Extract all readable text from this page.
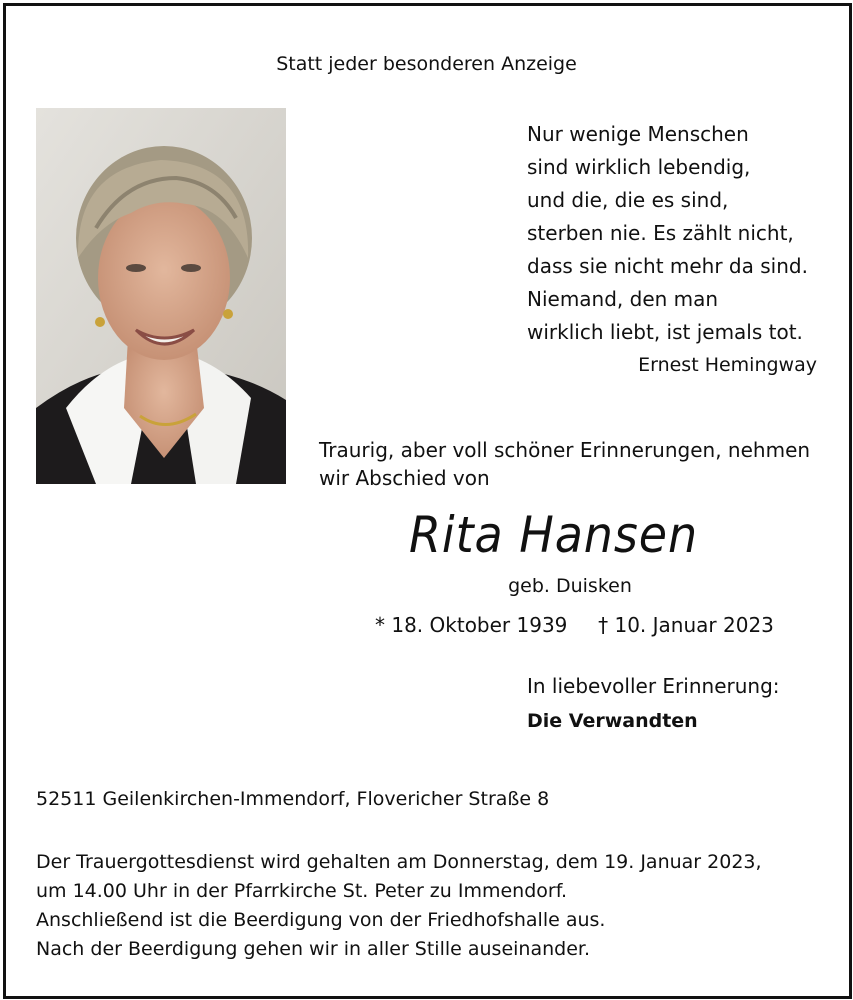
Statt jeder besonderen Anzeige
Nur wenige Menschen
sind wirklich lebendig,
und die, die es sind,
sterben nie. Es zählt nicht,
dass sie nicht mehr da sind.
Niemand, den man
wirklich liebt, ist jemals tot.
Ernest Hemingway
Traurig, aber voll schöner Erinnerungen, nehmen
wir Abschied von
Rita Hansen
geb. Duisken
* 18. Oktober 1939 † 10. Januar 2023
In liebevoller Erinnerung:
Die Verwandten
52511 Geilenkirchen-Immendorf, Flovericher Straße 8
Der Trauergottesdienst wird gehalten am Donnerstag, dem 19. Januar 2023,
um 14.00 Uhr in der Pfarrkirche St. Peter zu Immendorf.
Anschließend ist die Beerdigung von der Friedhofshalle aus.
Nach der Beerdigung gehen wir in aller Stille auseinander.
